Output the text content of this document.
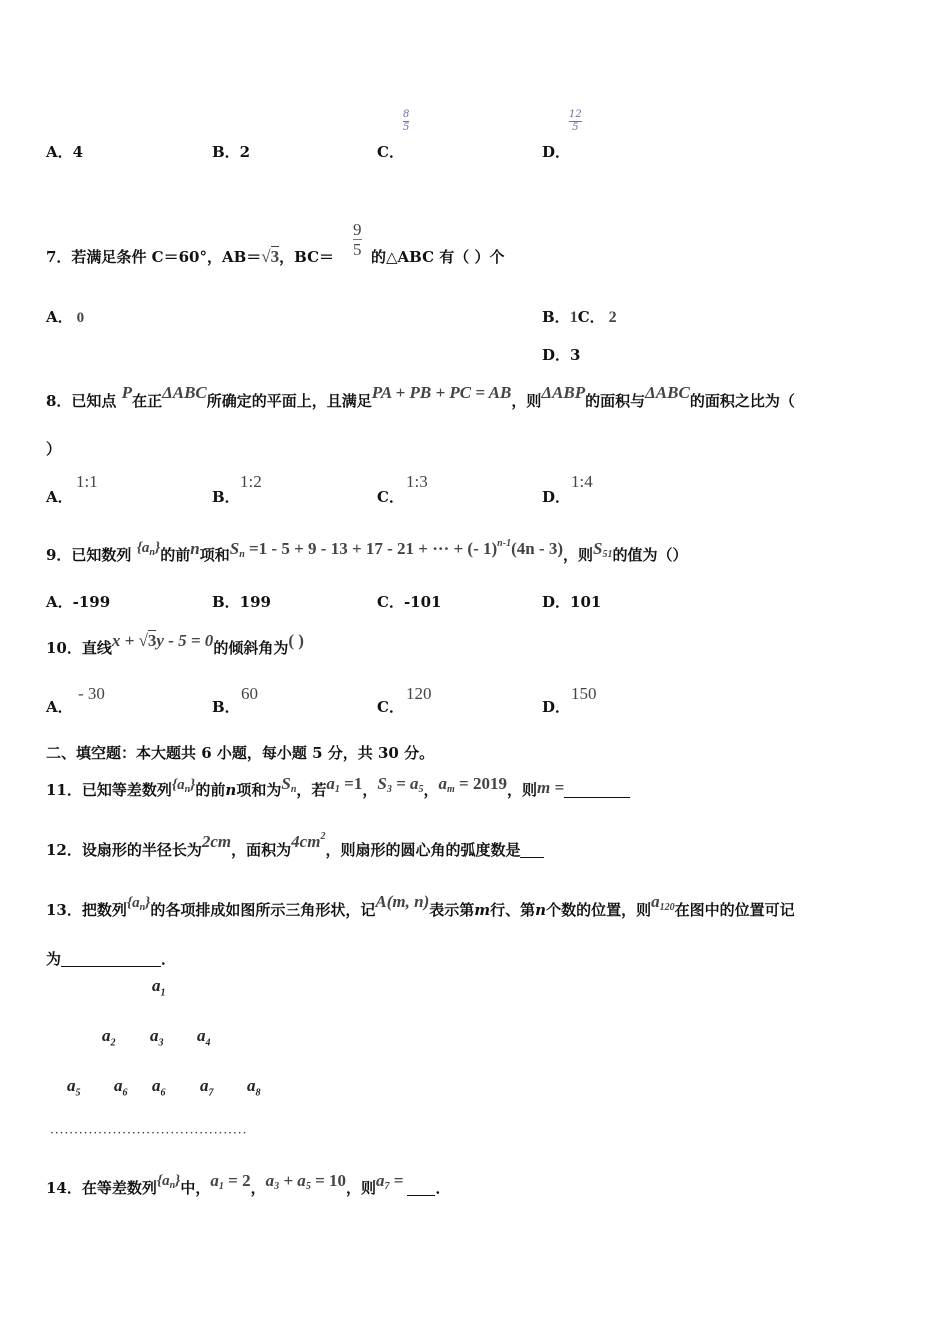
A．4	B．2	C．
8
5
D．
12
5
7．若满足条件 C＝60°，AB＝√3，BC＝
9
5 的△ABC 有（ ）个
A． 0	B．1C． 2
D．3
8．已知点 P在正ΔABC所确定的平面上，且满足PA + PB + PC = AB，则ΔABP的面积与ΔABC的面积之比为（
）
A．
1:1
B．
1:2
C．
1:3
D．
1:4
9．已知数列 $\{a_n\}$的前n项和$S_n =1 - 5 + 9 - 13 + 17 - 21$ + ··· + (- 1)$^{n-1}$(4n - 3)，则$S_{51}$的值为（）
A．-199	B．199	C．-101	D．101
10．直线x + √3y - 5 = 0的倾斜角为( )
A．
- 30
B．
60
C．
120
D．
150
二、填空题：本大题共 6 小题，每小题 5 分，共 30 分。
11．已知等差数列$\{a_n\}$的前n项和为$S_n$，若$a_1 =1$，$S_3 = a_5$，$a_m = 2019$，则m =
12．设扇形的半径长为2cm，面积为$4cm^2$，则扇形的圆心角的弧度数是
13．把数列$\{a_n\}$的各项排成如图所示三角形状，记A(m, n)表示第m行、第n个数的位置，则$a_{120}$在图中的位置可记
为	．
$a_1$
$a_2$ $a_3$ $a_4$
$a_5$ $a_6$ $a_6$ $a_7$ $a_8$
·········································
14．在等差数列$\{a_n\}$中，$a_1 = 2$，$a_3 + a_5 = 10$，则$a_7$ = ．
